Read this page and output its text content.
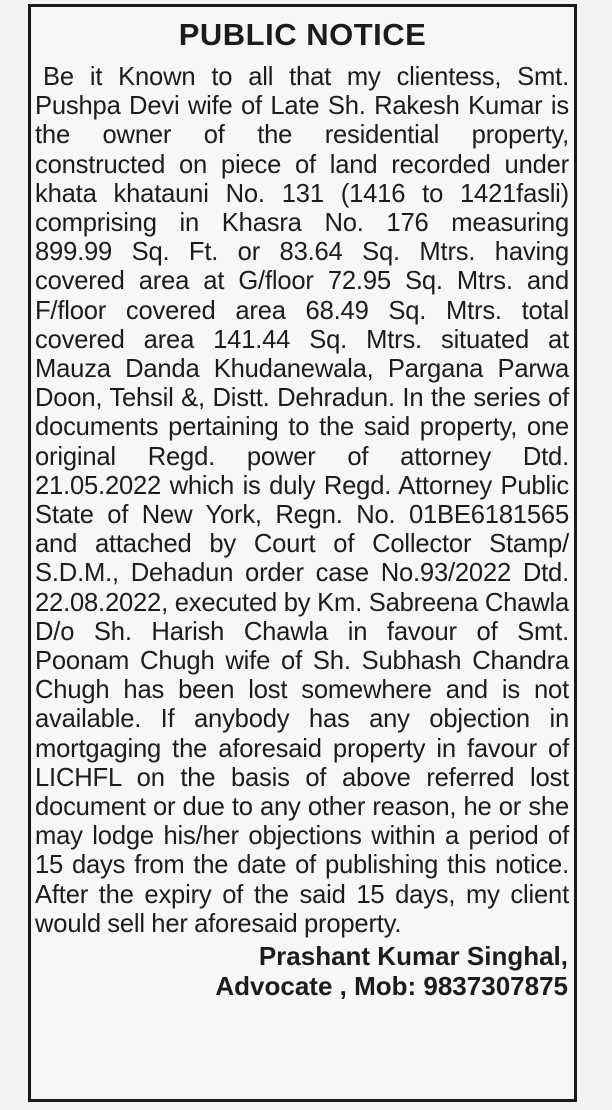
PUBLIC NOTICE
Be it Known to all that my clientess, Smt. Pushpa Devi wife of Late Sh. Rakesh Kumar is the owner of the residential property, constructed on piece of land recorded under khata khatauni No. 131 (1416 to 1421fasli) comprising in Khasra No. 176 measuring 899.99 Sq. Ft. or 83.64 Sq. Mtrs. having covered area at G/floor 72.95 Sq. Mtrs. and F/floor covered area 68.49 Sq. Mtrs. total covered area 141.44 Sq. Mtrs. situated at Mauza Danda Khudanewala, Pargana Parwa Doon, Tehsil &, Distt. Dehradun. In the series of documents pertaining to the said property, one original Regd. power of attorney Dtd. 21.05.2022 which is duly Regd. Attorney Public State of New York, Regn. No. 01BE6181565 and attached by Court of Collector Stamp/ S.D.M., Dehadun order case No.93/2022 Dtd. 22.08.2022, executed by Km. Sabreena Chawla D/o Sh. Harish Chawla in favour of Smt. Poonam Chugh wife of Sh. Subhash Chandra Chugh has been lost somewhere and is not available. If anybody has any objection in mortgaging the aforesaid property in favour of LICHFL on the basis of above referred lost document or due to any other reason, he or she may lodge his/her objections within a period of 15 days from the date of publishing this notice. After the expiry of the said 15 days, my client would sell her aforesaid property.
Prashant Kumar Singhal,
Advocate , Mob: 9837307875
